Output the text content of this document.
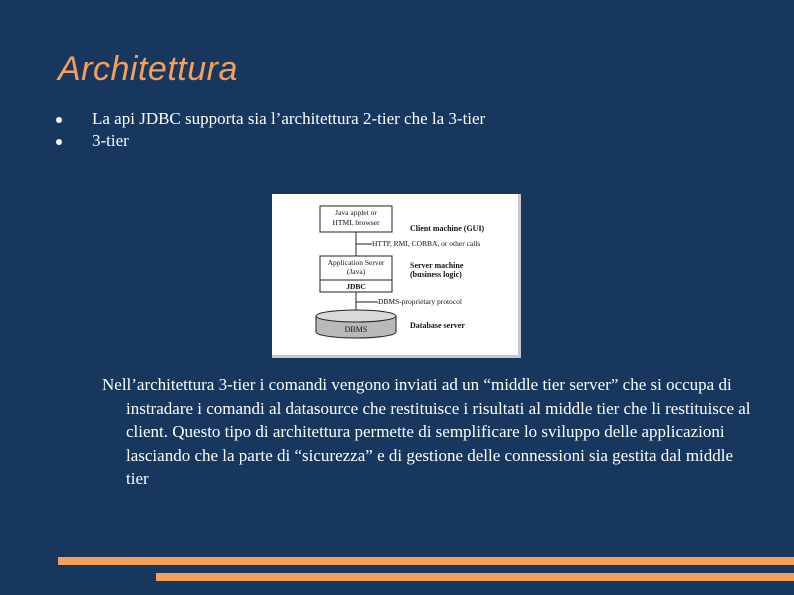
Architettura
La api JDBC supporta sia l’architettura 2-tier che la 3-tier
3-tier
Java applet or
HTML browser
Client machine (GUI)
HTTP, RMI, CORBA, or other calls
Application Server
(Java)
JDBC
Server machine
(business logic)
DBMS-proprietary protocol
DBMS	Database server
Nell’architettura 3-tier i comandi vengono inviati ad un “middle tier server” che si occupa di instradare i comandi al datasource che restituisce i risultati al middle tier che li restituisce al client. Questo tipo di architettura permette di semplificare lo sviluppo delle applicazioni lasciando che la parte di “sicurezza” e di gestione delle connessioni sia gestita dal middle tier
